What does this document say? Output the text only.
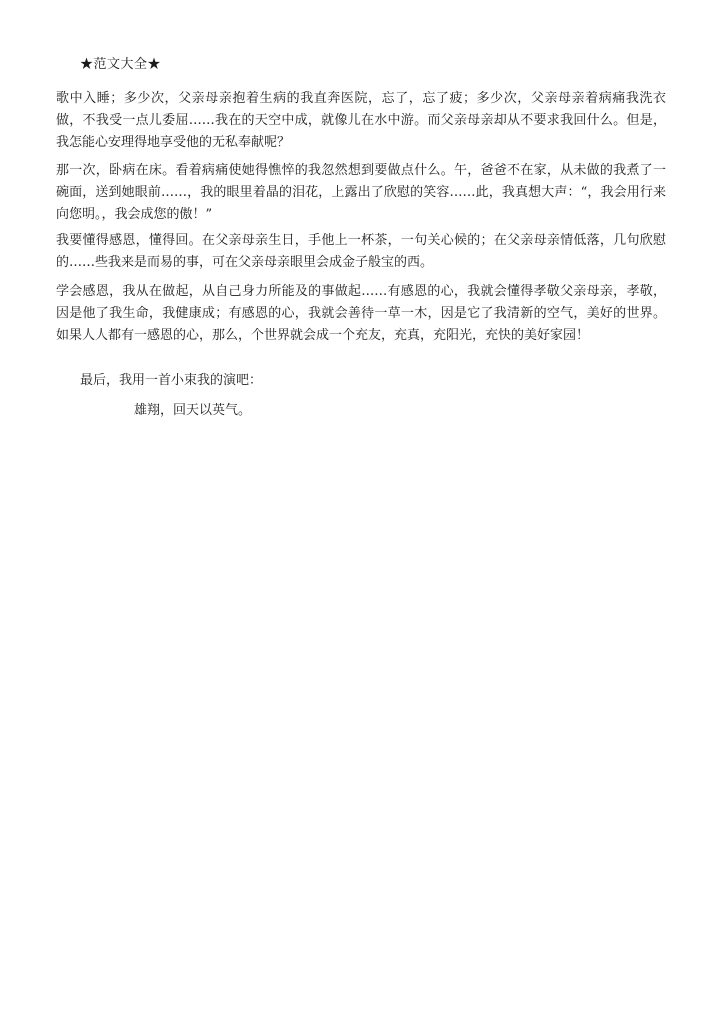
★范文大全★

歌中入睡；多少次，父亲母亲抱着生病的我直奔医院，忘了，忘了疲；多少次，父亲母亲着病痛我洗衣做，不我受一点儿委屈……我在的天空中成，就像儿在水中游。而父亲母亲却从不要求我回什么。但是，我怎能心安理得地享受他的无私奉献呢？

那一次，卧病在床。看着病痛使她得憔悴的我忽然想到要做点什么。午，爸爸不在家，从未做的我煮了一碗面，送到她眼前……，我的眼里着晶的泪花，上露出了欣慰的笑容……此，我真想大声：“，我会用行来向您明。，我会成您的傲！”

我要懂得感恩，懂得回。在父亲母亲生日，手他上一杯茶，一句关心候的；在父亲母亲情低落，几句欣慰的……些我来是而易的事，可在父亲母亲眼里会成金子般宝的西。

学会感恩，我从在做起，从自己身力所能及的事做起……有感恩的心，我就会懂得孝敬父亲母亲，孝敬，因是他了我生命，我健康成；有感恩的心，我就会善待一草一木，因是它了我清新的空气，美好的世界。如果人人都有一感恩的心，那么，个世界就会成一个充友，充真，充阳光，充快的美好家园！

最后，我用一首小束我的演吧：
雄翔，回天以英气。
